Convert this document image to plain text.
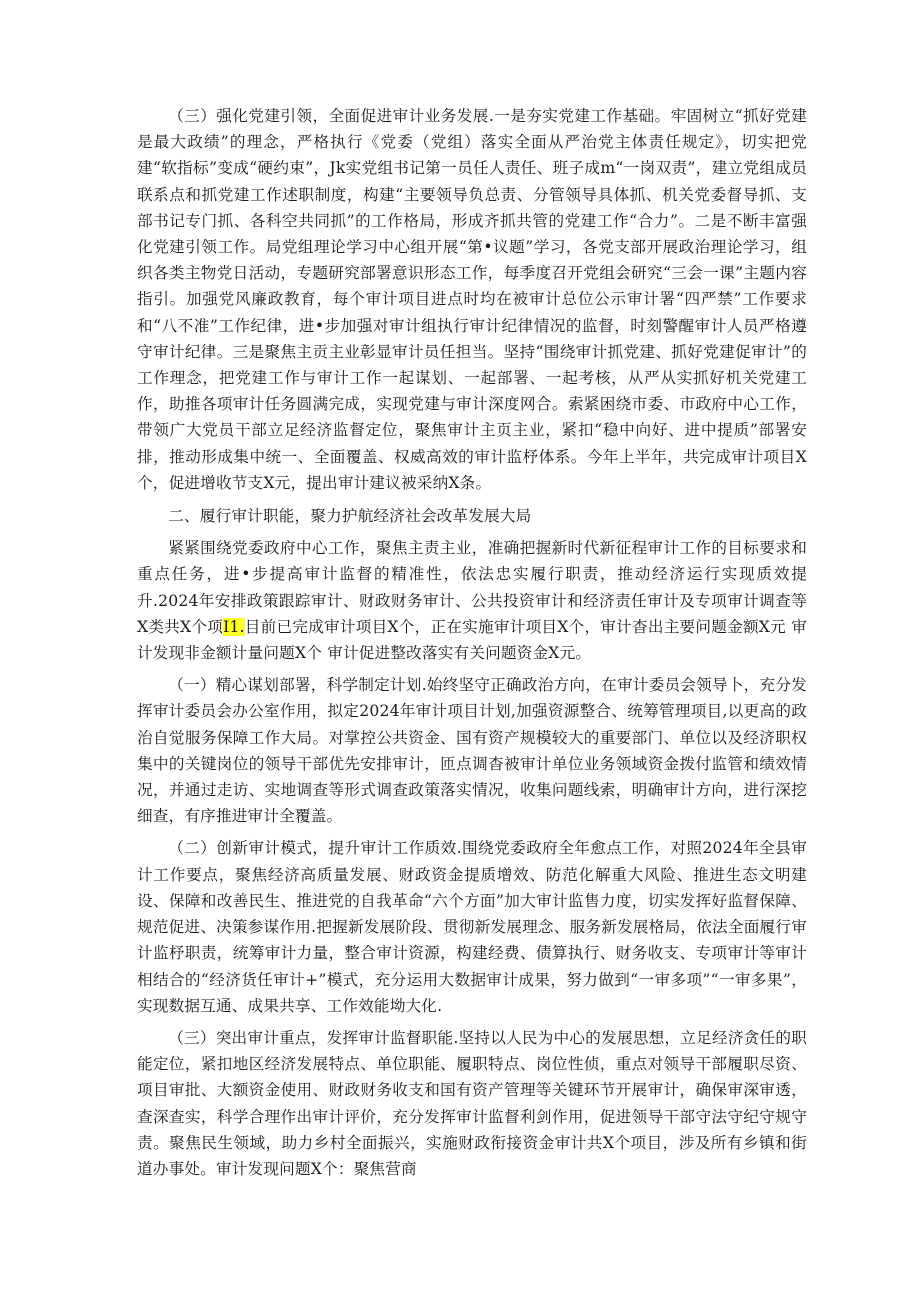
（三）强化党建引领，全面促进审计业务发展.一是夯实党建工作基础。牢固树立“抓好党建是最大政绩”的理念，严格执行《党委（党组）落实全面从严治党主体责任规定》，切实把党建“软指标”变成“硬约束”，Jk实党组书记第一员任人责任、班子成m“一岗双责”，建立党组成员联系点和抓党建工作述职制度，构建“主要领导负总责、分管领导具体抓、机关党委督导抓、支部书记专门抓、各科空共同抓”的工作格局，形成齐抓共管的党建工作“合力”。二是不断丰富强化党建引领工作。局党组理论学习中心组开展“第•议题”学习，各党支部开展政治理论学习，组织各类主物党日活动，专题研究部署意识形态工作，每季度召开党组会研究“三会一课”主题内容指引。加强党风廉政教育，每个审计项目进点时均在被审计总位公示审计署“四严禁”工作要求和“八不准”工作纪律，进•步加强对审计组执行审计纪律情况的监督，时刻警醒审计人员严格遵守审计纪律。三是聚焦主贡主业彰显审计员任担当。坚持“围绕审计抓党建、抓好党建促审计”的工作理念，把党建工作与审计工作一起谋划、一起部署、一起考核，从严从实抓好机关党建工作，助推各项审计任务圆满完成，实现党建与审计深度网合。索紧困绕市委、市政府中心工作，带领广大党员干部立足经济监督定位，聚焦审计主页主业，紧扣“稳中向好、进中提质”部署安排，推动形成集中统一、全面覆盖、权威高效的审计监杼体系。今年上半年，共完成审计项目X个，促进增收节支X元，提出审计建议被采纳X条。

二、履行审计职能，聚力护航经济社会改革发展大局

紧紧围绕党委政府中心工作，聚焦主责主业，准确把握新时代新征程审计工作的目标要求和重点任务，进•步提高审计监督的精准性，依法忠实履行职责，推动经济运行实现质效提升.2024年安排政策跟踪审计、财政财务审计、公共投资审计和经济责任审计及专项审计调查等X类共X个项I1.目前已完成审计项目X个，正在实施审计项目X个，审计杳出主要问题金额X元 审计发现非金额计量问题X个 审计促进整改落实有关问题资金X元。

（一）精心谋划部署，科学制定计划.始终坚守正确政治方向，在审计委员会领导卜，充分发挥审计委员会办公室作用，拟定2024年审计项目计划,加强资源整合、统筹管理项目,以更高的政治自觉服务保障工作大局。对掌控公共资金、国有资产规模较大的重要部门、单位以及经济职权集中的关键岗位的领导干部优先安排审计，匝点调杳被审计单位业务领域资金拨付监管和绩效情况，并通过走访、实地调查等形式调查政策落实情况，收集问题线索，明确审计方向，进行深挖细查，有序推进审计全覆盖。

（二）创新审计模式，提升审计工作质效.围绕党委政府全年愈点工作，对照2024年全县审计工作要点，聚焦经济高质量发展、财政资金提质增效、防范化解重大风险、推进生态文明建设、保障和改善民生、推进党的自我革命“六个方面”加大审计监售力度，切实发挥好监督保障、规范促进、决策参谋作用.把握新发展阶段、贯彻新发展理念、服务新发展格局，依法全面履行审计监杼职责，统筹审计力量，整合审计资源，构建经费、债算执行、财务收支、专项审计等审计相结合的“经济货任审计+”模式，充分运用大数据审计成果，努力做到“一审多项”“一审多果”，实现数据互通、成果共享、工作效能坳大化.

（三）突出审计重点，发挥审计监督职能.坚持以人民为中心的发展思想，立足经济贪任的职能定位，紧扣地区经济发展特点、单位职能、履职特点、岗位性侦，重点对领导干部履职尽资、项目审批、大额资金使用、财政财务收支和国有资产管理等关键环节开展审计，确保审深审透，查深查实，科学合理作出审计评价，充分发挥审计监督利剑作用，促进领导干部守法守纪守规守责。聚焦民生领域，助力乡村全面振兴，实施财政衔接资金审计共X个项目，涉及所有乡镇和街道办事处。审计发现问题X个：聚焦营商
